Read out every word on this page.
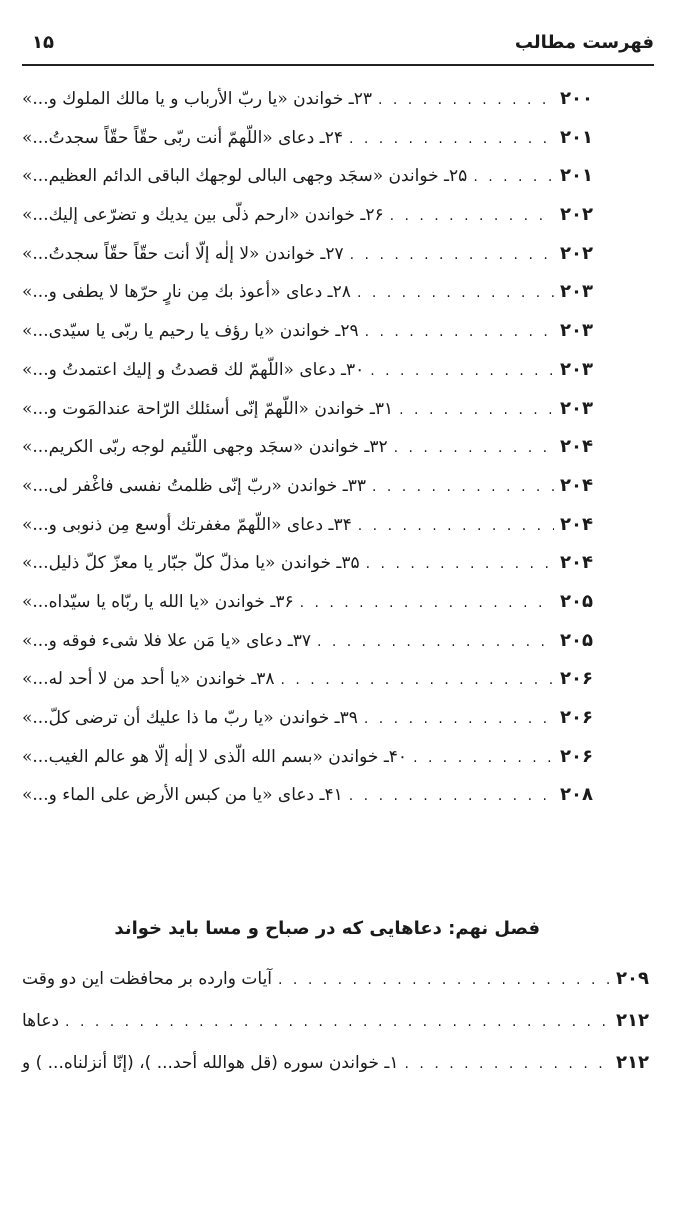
فهرست مطالب
۱۵
۲۳ـ خواندن «یا ربّ الأرباب و یا مالك الملوك و...» . . .	۲۰۰
۲۴ـ دعای «اللّهمّ أنت ربّی حقّاً حقّاً سجدتُ...» . . .	۲۰۱
۲۵ـ خواندن «سجَد وجهی البالی لوجهك الباقی الدائم العظیم...» . . .	۲۰۱
۲۶ـ خواندن «ارحم ذلّی بین یدیك و تضرّعی إلیك...» . . .	۲۰۲
۲۷ـ خواندن «لا إلٰه إلّا أنت حقّاً حقّاً سجدتُ...» . . .	۲۰۲
۲۸ـ دعای «أعوذ بك مِن نارٍ حرّها لا یطفی و...» . . .	۲۰۳
۲۹ـ خواندن «یا رؤف یا رحیم یا ربّی یا سیّدی...» . . .	۲۰۳
۳۰ـ دعای «اللّهمّ لك قصدتُ و إلیك اعتمدتُ و...» . . .	۲۰۳
۳۱ـ خواندن «اللّهمّ إنّی أسئلك الرّاحة عندالمَوت و...» . . .	۲۰۳
۳۲ـ خواندن «سجَد وجهی اللّئیم لوجه ربّی الکریم...» . . .	۲۰۴
۳۳ـ خواندن «ربّ إنّی ظلمتُ نفسی فاغْفر لی...» . . .	۲۰۴
۳۴ـ دعای «اللّهمّ مغفرتك أوسع مِن ذنوبی و...» . . .	۲۰۴
۳۵ـ خواندن «یا مذلّ کلّ جبّار یا معزّ کلّ ذلیل...» . . .	۲۰۴
۳۶ـ خواندن «یا الله یا ربّاه یا سیّداه...» . . .	۲۰۵
۳۷ـ دعای «یا مَن علا فلا شیء فوقه و...» . . .	۲۰۵
۳۸ـ خواندن «یا أحد من لا أحد له...» . . .	۲۰۶
۳۹ـ خواندن «یا ربّ ما ذا علیك أن ترضی کلّ...» . . .	۲۰۶
۴۰ـ خواندن «بسم الله الّذی لا إلٰه إلّا هو عالم الغیب...» . . .	۲۰۶
۴۱ـ دعای «یا من کبس الأرض علی الماء و...» . . .	۲۰۸
فصل نهم: دعاهایی که در صباح و مسا باید خواند
آیات وارده بر محافظت این دو وقت . . .	۲۰۹
دعاها . . .	۲۱۲
۱ـ خواندن سوره (قل هوالله أحد... )، (إنّا أنزلناه... ) و . . .	۲۱۲
